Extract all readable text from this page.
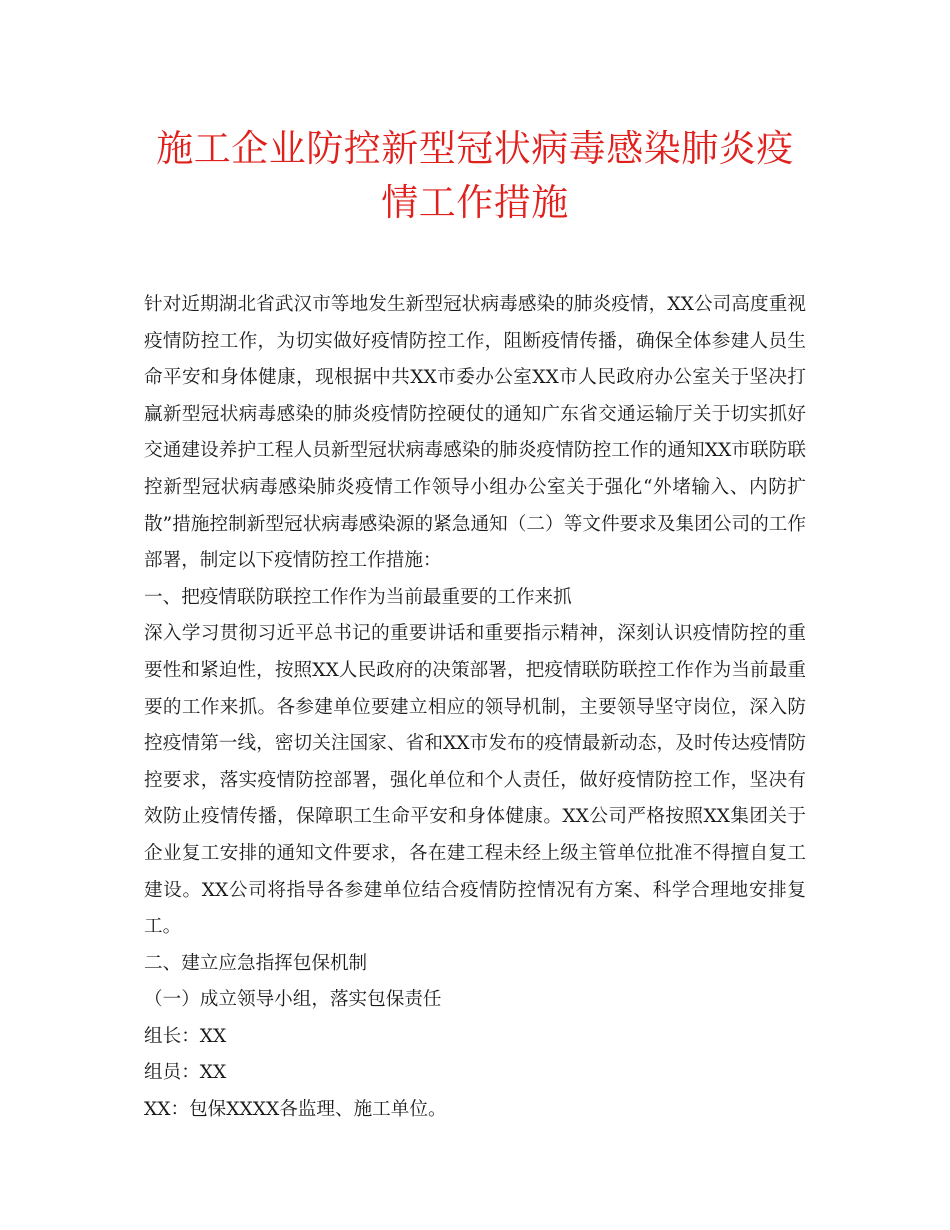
施工企业防控新型冠状病毒感染肺炎疫情工作措施

针对近期湖北省武汉市等地发生新型冠状病毒感染的肺炎疫情，XX公司高度重视疫情防控工作，为切实做好疫情防控工作，阻断疫情传播，确保全体参建人员生命平安和身体健康，现根据中共XX市委办公室XX市人民政府办公室关于坚决打赢新型冠状病毒感染的肺炎疫情防控硬仗的通知广东省交通运输厅关于切实抓好交通建设养护工程人员新型冠状病毒感染的肺炎疫情防控工作的通知XX市联防联控新型冠状病毒感染肺炎疫情工作领导小组办公室关于强化“外堵输入、内防扩散”措施控制新型冠状病毒感染源的紧急通知（二）等文件要求及集团公司的工作部署，制定以下疫情防控工作措施：

一、把疫情联防联控工作作为当前最重要的工作来抓

深入学习贯彻习近平总书记的重要讲话和重要指示精神，深刻认识疫情防控的重要性和紧迫性，按照XX人民政府的决策部署，把疫情联防联控工作作为当前最重要的工作来抓。各参建单位要建立相应的领导机制，主要领导坚守岗位，深入防控疫情第一线，密切关注国家、省和XX市发布的疫情最新动态，及时传达疫情防控要求，落实疫情防控部署，强化单位和个人责任，做好疫情防控工作，坚决有效防止疫情传播，保障职工生命平安和身体健康。XX公司严格按照XX集团关于企业复工安排的通知文件要求，各在建工程未经上级主管单位批准不得擅自复工建设。XX公司将指导各参建单位结合疫情防控情况有方案、科学合理地安排复工。

二、建立应急指挥包保机制

（一）成立领导小组，落实包保责任

组长：XX

组员：XX

XX：包保XXXX各监理、施工单位。
